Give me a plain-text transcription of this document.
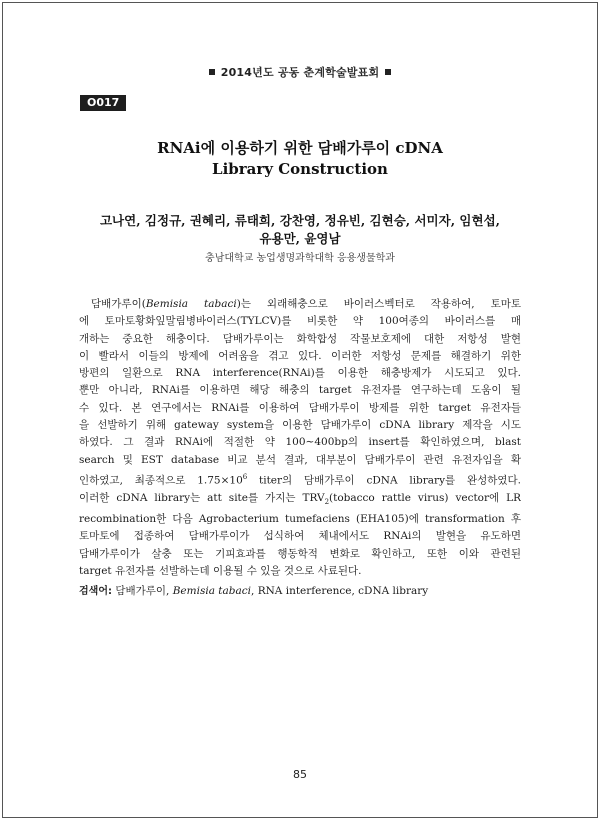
2014년도 공동 춘계학술발표회
O017
RNAi에 이용하기 위한 담배가루이 cDNA
Library Construction
고나연, 김정규, 권혜리, 류태희, 강찬영, 정유빈, 김현승, 서미자, 임현섭,
유용만, 윤영남
충남대학교 농업생명과학대학 응용생물학과
담배가루이(Bemisia tabaci)는 외래해충으로 바이러스벡터로 작용하여, 토마토
에 토마토황화잎말림병바이러스(TYLCV)를 비롯한 약 100여종의 바이러스를 매
개하는 중요한 해충이다. 담배가루이는 화학합성 작물보호제에 대한 저항성 발현
이 빨라서 이들의 방제에 어려움을 겪고 있다. 이러한 저항성 문제를 해결하기 위한
방편의 일환으로 RNA interference(RNAi)를 이용한 해충방제가 시도되고 있다.
뿐만 아니라, RNAi를 이용하면 해당 해충의 target 유전자를 연구하는데 도움이 될
수 있다. 본 연구에서는 RNAi를 이용하여 담배가루이 방제를 위한 target 유전자들
을 선발하기 위해 gateway system을 이용한 담배가루이 cDNA library 제작을 시도
하였다. 그 결과 RNAi에 적절한 약 100∼400bp의 insert를 확인하였으며, blast
search 및 EST database 비교 분석 결과, 대부분이 담배가루이 관련 유전자임을 확
인하였고, 최종적으로 $1.75\times 10^6$ titer의 담배가루이 cDNA library를 완성하였다.
이러한 cDNA library는 att site를 가지는 $TRV_2(tobacco$ rattle virus) vector에 LR
recombination한 다음 Agrobacterium tumefaciens (EHA105)에 transformation 후
토마토에 접종하여 담배가루이가 섭식하여 체내에서도 RNAi의 발현을 유도하면
담배가루이가 살충 또는 기피효과를 행동학적 변화로 확인하고, 또한 이와 관련된
target 유전자를 선발하는데 이용될 수 있을 것으로 사료된다.
검색어: 담배가루이, Bemisia tabaci, RNA interference, cDNA library
85
